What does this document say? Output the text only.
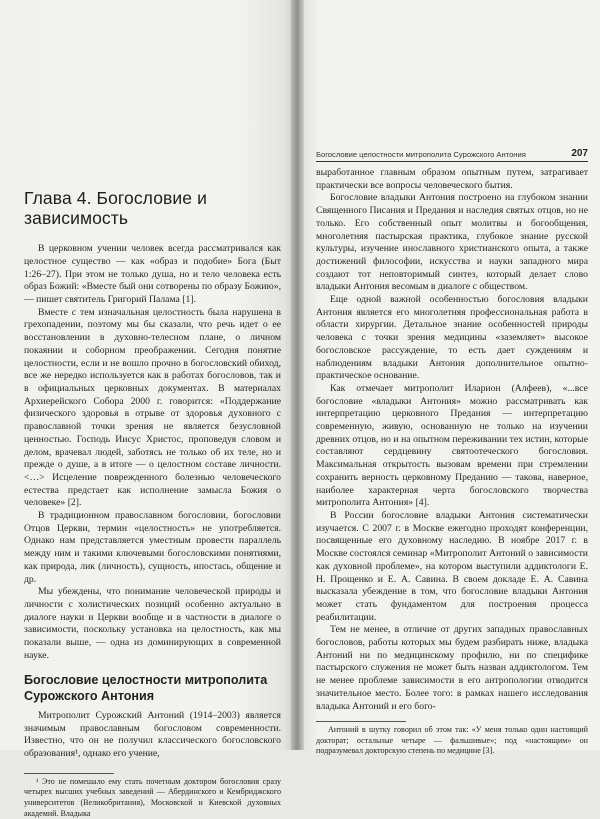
Глава 4. Богословие и зависимость

В церковном учении человек всегда рассматривался как целостное существо — как «образ и подобие» Бога (Быт 1:26–27). При этом не только душа, но и тело человека есть образ Божий: «Вместе бый они сотворены по образу Божию», — пишет святитель Григорий Палама [1].

Вместе с тем изначальная целостность была нарушена в грехопадении, поэтому мы бы сказали, что речь идет о ее восстановлении в духовно-телесном плане, о личном покаянии и соборном преображении. Сегодня понятие целостности, если и не вошло прочно в богословский обиход, все же нередко используется как в работах богословов, так и в официальных церковных документах. В материалах Архиерейского Собора 2000 г. говорится: «Поддержание физического здоровья в отрыве от здоровья духовного с православной точки зрения не является безусловной ценностью. Господь Иисус Христос, проповедуя словом и делом, врачевал людей, заботясь не только об их теле, но и прежде о душе, а в итоге — о целостном составе личности. <…> Исцеление поврежденного болезнью человеческого естества предстает как исполнение замысла Божия о человеке» [2].

В традиционном православном богословии, богословии Отцов Церкви, термин «целостность» не употребляется. Однако нам представляется уместным провести параллель между ним и такими ключевыми богословскими понятиями, как природа, лик (личность), сущность, ипостась, общение и др.

Мы убеждены, что понимание человеческой природы и личности с холистических позиций особенно актуально в диалоге науки и Церкви вообще и в частности в диалоге о зависимости, поскольку установка на целостность, как мы показали выше, — одна из доминирующих в современной науке.

Богословие целостности митрополита Сурожского Антония

Митрополит Сурожский Антоний (1914–2003) является значимым православным богословом современности. Известно, что он не получил классического богословского образования¹, однако его учение,

¹ Это не помешало ему стать почетным доктором богословия сразу четырех высших учебных заведений — Абердинского и Кембриджского университетов (Великобритания), Московской и Киевской духовных академий. Владыка

Богословие целостности митрополита Сурожского Антония	207

выработанное главным образом опытным путем, затрагивает практически все вопросы человеческого бытия.

Богословие владыки Антония построено на глубоком знании Священного Писания и Предания и наследия святых отцов, но не только. Его собственный опыт молитвы и богообщения, многолетняя пастырская практика, глубокое знание русской культуры, изучение инославного христианского опыта, а также достижений философии, искусства и науки западного мира создают тот неповторимый синтез, который делает слово владыки Антония весомым в диалоге с обществом.

Еще одной важной особенностью богословия владыки Антония является его многолетняя профессиональная работа в области хирургии. Детальное знание особенностей природы человека с точки зрения медицины «заземляет» высокое богословское рассуждение, то есть дает суждениям и наблюдениям владыки Антония дополнительное опытно-практическое основание.

Как отмечает митрополит Иларион (Алфеев), «...все богословие «владыки Антония» можно рассматривать как интерпретацию церковного Предания — интерпретацию современную, живую, основанную не только на изучении древних отцов, но и на опытном переживании тех истин, которые составляют сердцевину святоотеческого богословия. Максимальная открытость вызовам времени при стремлении сохранить верность церковному Преданию — такова, наверное, наиболее характерная черта богословского творчества митрополита Антония» [4].

В России богословие владыки Антония систематически изучается. С 2007 г. в Москве ежегодно проходят конференции, посвященные его духовному наследию. В ноябре 2017 г. в Москве состоялся семинар «Митрополит Антоний о зависимости как духовной проблеме», на котором выступили аддиктологи Е. Н. Прощенко и Е. А. Савина. В своем докладе Е. А. Савина высказала убеждение в том, что богословие владыки Антония может стать фундаментом для построения процесса реабилитации.

Тем не менее, в отличие от других западных православных богословов, работы которых мы будем разбирать ниже, владыка Антоний ни по медицинскому профилю, ни по специфике пастырского служения не может быть назван аддиктологом. Тем не менее проблеме зависимости в его антропологии отводится значительное место. Более того: в рамках нашего исследования владыка Антоний и его бого-

Антоний в шутку говорил об этом так: «У меня только один настоящий докторат; остальные четыре — фальшивые»; под «настоящим» он подразумевал докторскую степень по медицине [3].
